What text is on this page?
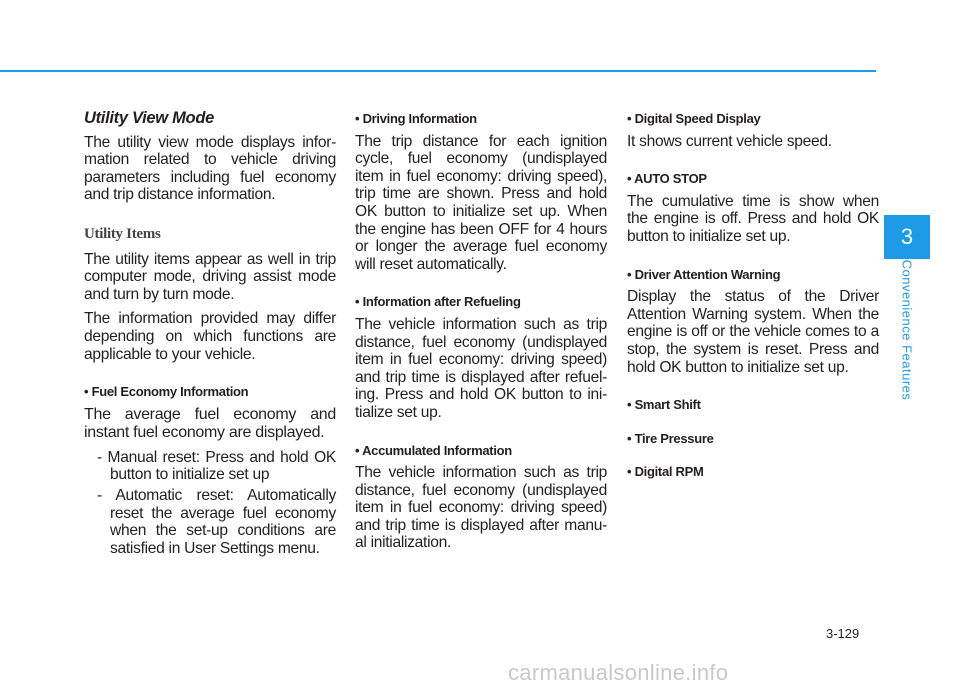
Utility View Mode

The utility view mode displays infor-mation related to vehicle driving parameters including fuel economy and trip distance information.

Utility Items

The utility items appear as well in trip computer mode, driving assist mode and turn by turn mode.

The information provided may differ depending on which functions are applicable to your vehicle.

• Fuel Economy Information

The average fuel economy and instant fuel economy are displayed.

- Manual reset: Press and hold OK button to initialize set up
- Automatic reset: Automatically reset the average fuel economy when the set-up conditions are satisfied in User Settings menu.
• Driving Information

The trip distance for each ignition cycle, fuel economy (undisplayed item in fuel economy: driving speed), trip time are shown. Press and hold OK button to initialize set up. When the engine has been OFF for 4 hours or longer the average fuel economy will reset automatically.

• Information after Refueling

The vehicle information such as trip distance, fuel economy (undisplayed item in fuel economy: driving speed) and trip time is displayed after refuel-ing. Press and hold OK button to ini-tialize set up.

• Accumulated Information

The vehicle information such as trip distance, fuel economy (undisplayed item in fuel economy: driving speed) and trip time is displayed after manu-al initialization.

• Digital Speed Display

It shows current vehicle speed.

• AUTO STOP

The cumulative time is show when the engine is off. Press and hold OK button to initialize set up.

• Driver Attention Warning

Display the status of the Driver Attention Warning system. When the engine is off or the vehicle comes to a stop, the system is reset. Press and hold OK button to initialize set up.

• Smart Shift
• Tire Pressure
• Digital RPM
3
Convenience Features
3-129
carmanualsonline.info
